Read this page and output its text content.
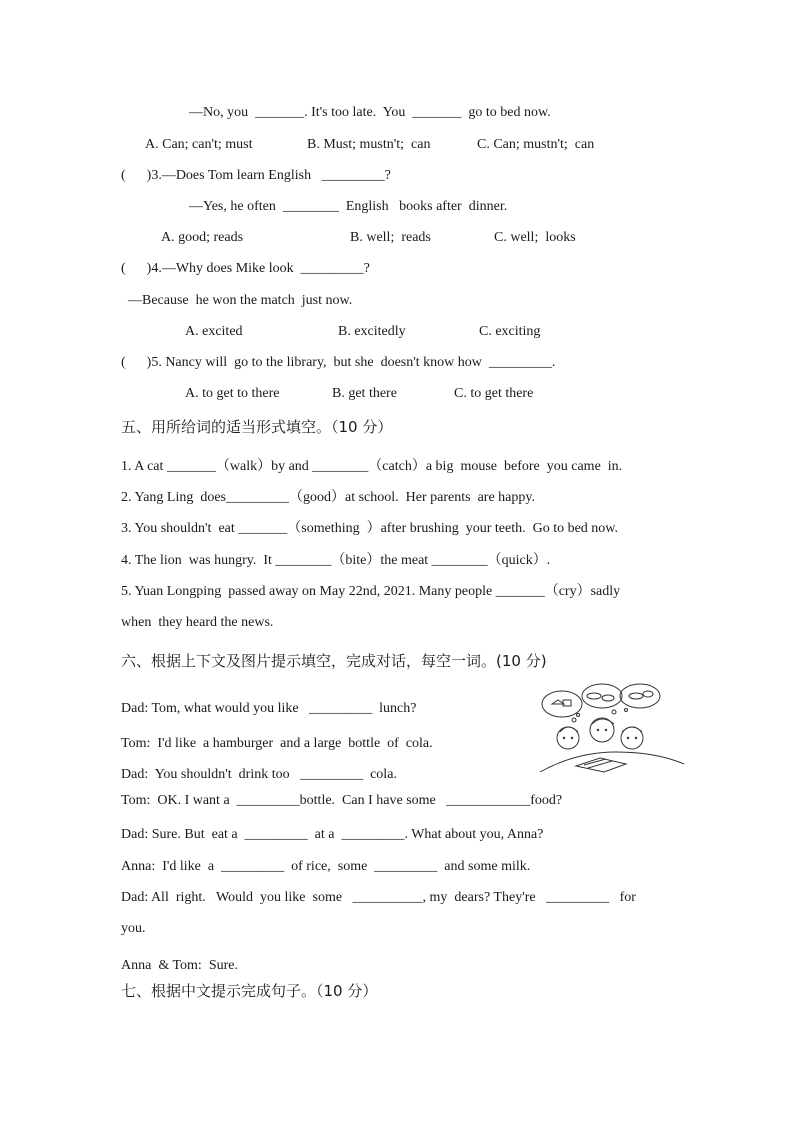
—No, you  _______. It's too late.  You  _______  go to bed now.
A. Can; can't; must	B. Must; mustn't;  can	C. Can; mustn't;  can
(      )3.—Does Tom learn English   _________?
—Yes, he often  ________  English   books after  dinner.
A. good; reads	B. well;  reads	C. well;  looks
(      )4.—Why does Mike look  _________?
—Because  he won the match  just now.
A. excited	B. excitedly	C. exciting
(      )5. Nancy will  go to the library,  but she  doesn't know how  _________.
A. to get to there	B. get there	C. to get there
五、用所给词的适当形式填空。（10 分）
1. A cat _______（walk）by and ________（catch）a big  mouse  before  you came  in.
2. Yang Ling  does_________（good）at school.  Her parents  are happy.
3. You shouldn't  eat _______（something  ）after brushing  your teeth.  Go to bed now.
4. The lion  was hungry.  It ________（bite）the meat ________（quick）.
5. Yuan Longping  passed away on May 22nd, 2021. Many people _______（cry）sadly
when  they heard the news.
六、根据上下文及图片提示填空，完成对话，每空一词。(10 分)
Dad: Tom, what would you like   _________  lunch?
Tom:  I'd like  a hamburger  and a large  bottle  of  cola.
Dad:  You shouldn't  drink too   _________  cola.
Tom:  OK. I want a  _________bottle.  Can I have some   ____________food?
Dad: Sure. But  eat a  _________  at a  _________. What about you, Anna?
Anna:  I'd like  a  _________  of rice,  some  _________  and some milk.
Dad: All  right.   Would  you like  some   __________, my  dears? They're   _________   for
you.
Anna  & Tom:  Sure.
七、根据中文提示完成句子。（10 分）
